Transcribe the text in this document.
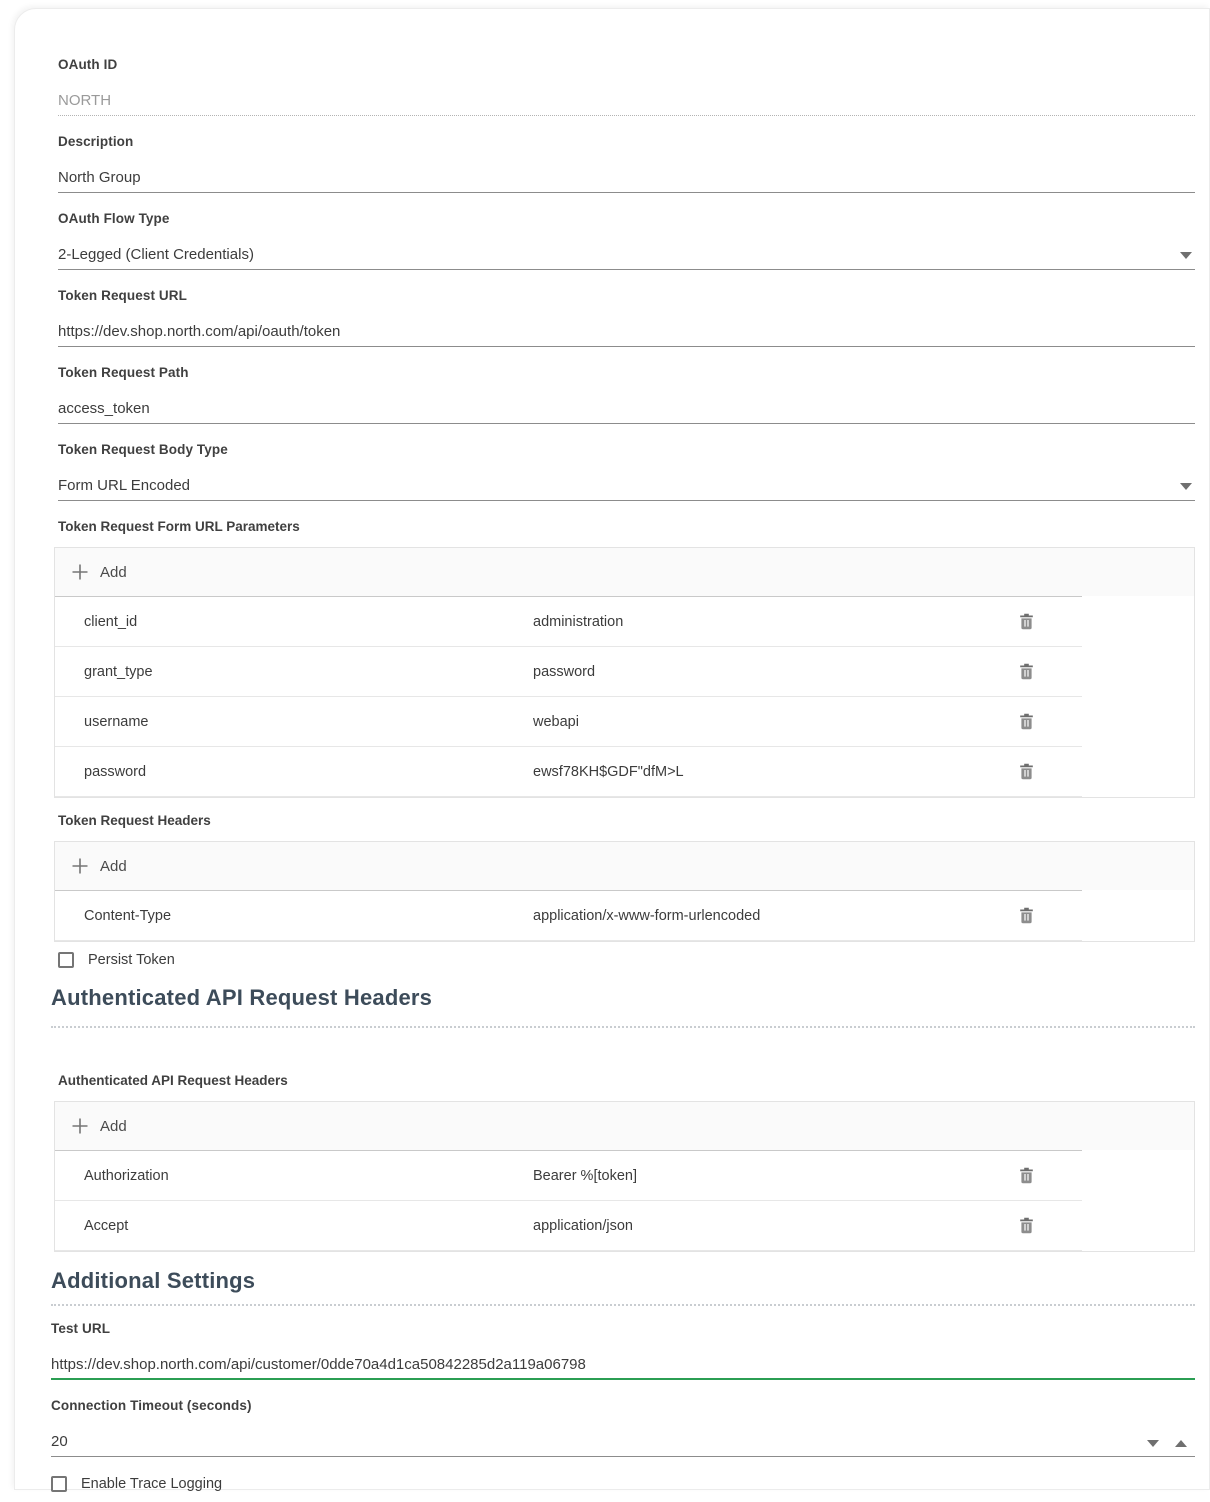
OAuth ID
NORTH
Description
North Group
OAuth Flow Type
2-Legged (Client Credentials)
Token Request URL
https://dev.shop.north.com/api/oauth/token
Token Request Path
access_token
Token Request Body Type
Form URL Encoded
Token Request Form URL Parameters
Add
client_id	administration
grant_type	password
username	webapi
password	ewsf78KH$GDF"dfM>L
Token Request Headers
Add
Content-Type	application/x-www-form-urlencoded
Persist Token
Authenticated API Request Headers
Authenticated API Request Headers
Add
Authorization	Bearer %[token]
Accept	application/json
Additional Settings
Test URL
https://dev.shop.north.com/api/customer/0dde70a4d1ca50842285d2a119a06798
Connection Timeout (seconds)
20
Enable Trace Logging
